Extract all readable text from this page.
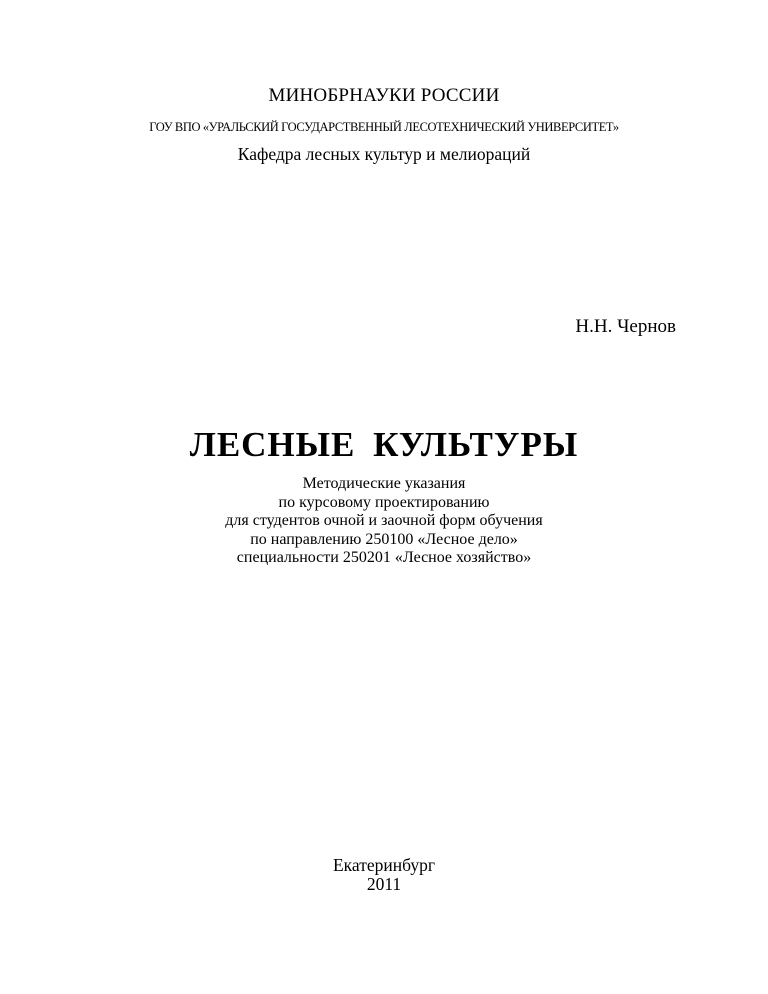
МИНОБРНАУКИ РОССИИ
ГОУ ВПО «УРАЛЬСКИЙ ГОСУДАРСТВЕННЫЙ ЛЕСОТЕХНИЧЕСКИЙ УНИВЕРСИТЕТ»
Кафедра лесных культур и мелиораций
Н.Н. Чернов
ЛЕСНЫЕ КУЛЬТУРЫ
Методические указания
по курсовому проектированию
для студентов очной и заочной форм обучения
по направлению 250100 «Лесное дело»
специальности 250201 «Лесное хозяйство»
Екатеринбург
2011
